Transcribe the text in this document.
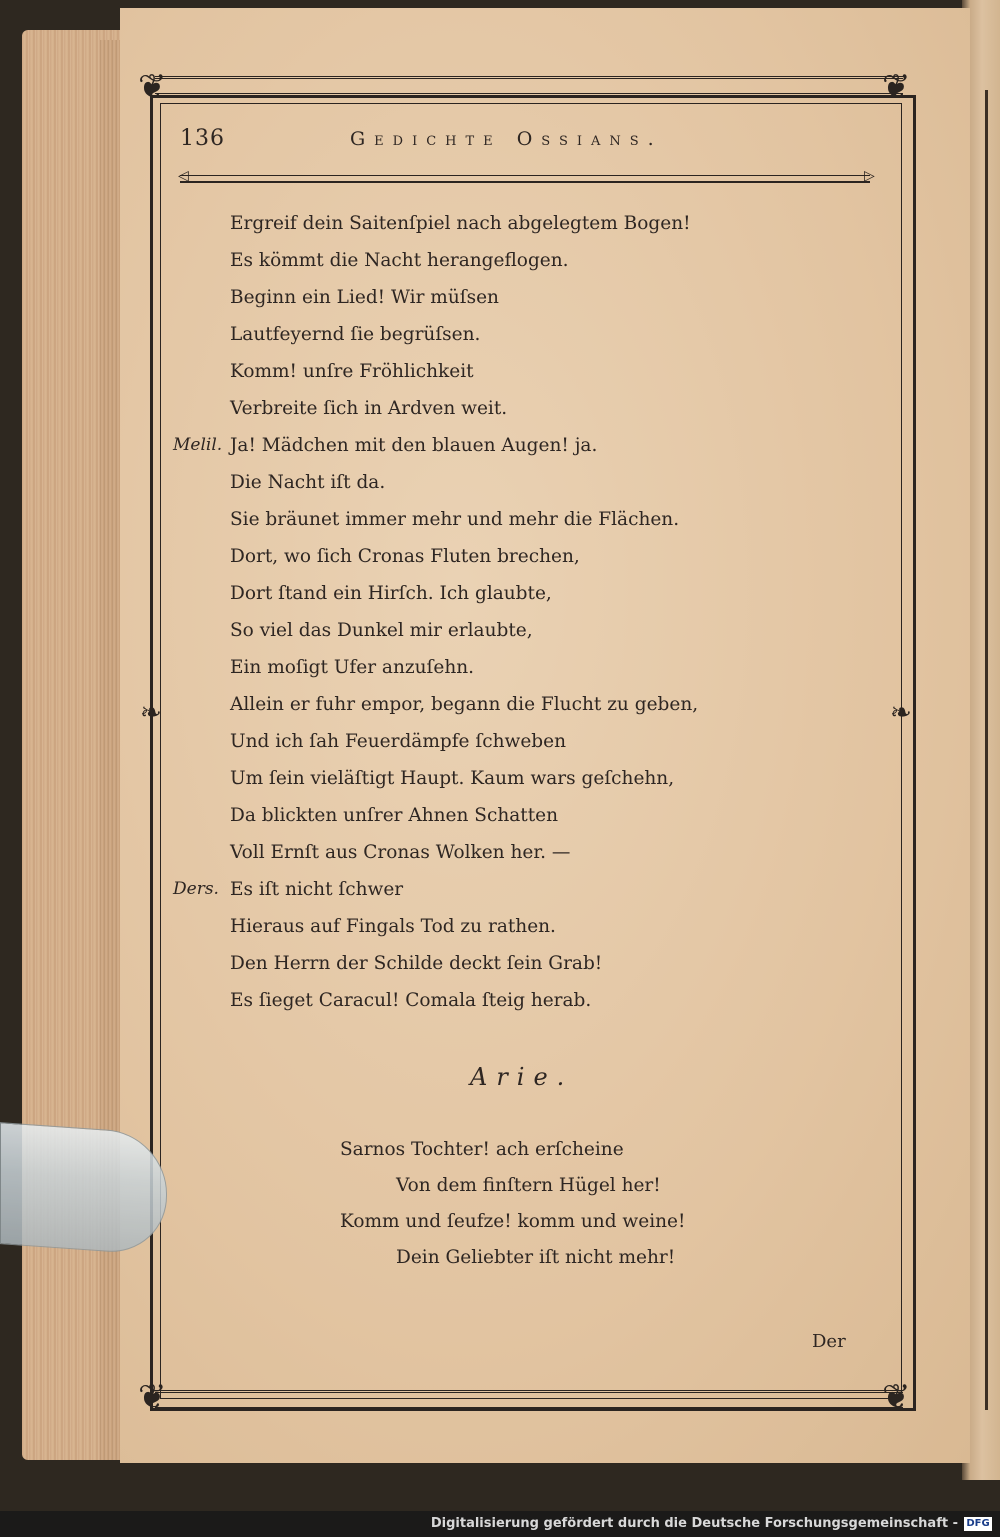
❦	❦
❦	❦
❧	❧
136	Gedichte Ossians.
◁	▷
Ergreif dein Saitenſpiel nach abgelegtem Bogen!
Es kömmt die Nacht herangeflogen.
Beginn ein Lied! Wir müſsen
Lautfeyernd ſie begrüſsen.
Komm! unſre Fröhlichkeit
Verbreite ſich in Ardven weit.
Melil. Ja! Mädchen mit den blauen Augen! ja.
Die Nacht iſt da.
Sie bräunet immer mehr und mehr die Flächen.
Dort, wo ſich Cronas Fluten brechen,
Dort ſtand ein Hirſch. Ich glaubte,
So viel das Dunkel mir erlaubte,
Ein moſigt Ufer anzuſehn.
Allein er fuhr empor, begann die Flucht zu geben,
Und ich ſah Feuerdämpfe ſchweben
Um ſein vieläſtigt Haupt. Kaum wars geſchehn,
Da blickten unſrer Ahnen Schatten
Voll Ernſt aus Cronas Wolken her. —
Ders. Es iſt nicht ſchwer
Hieraus auf Fingals Tod zu rathen.
Den Herrn der Schilde deckt ſein Grab!
Es ſieget Caracul! Comala ſteig herab.
Arie.
Sarnos Tochter! ach erſcheine
Von dem finſtern Hügel her!
Komm und ſeufze! komm und weine!
Dein Geliebter iſt nicht mehr!
Der
Digitalisierung gefördert durch die Deutsche Forschungsgemeinschaft - DFG
